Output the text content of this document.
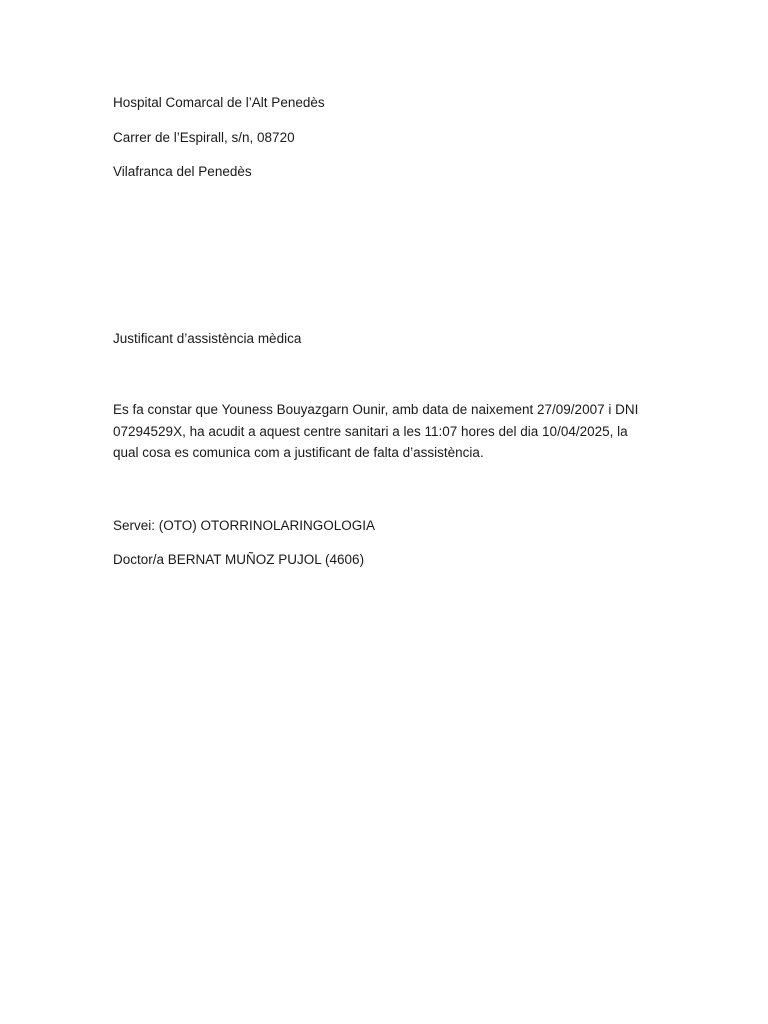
Hospital Comarcal de l’Alt Penedès
Carrer de l’Espirall, s/n, 08720
Vilafranca del Penedès
Justificant d’assistència mèdica
Es fa constar que Youness Bouyazgarn Ounir, amb data de naixement 27/09/2007 i DNI
07294529X, ha acudit a aquest centre sanitari a les 11:07 hores del dia 10/04/2025, la
qual cosa es comunica com a justificant de falta d’assistència.
Servei: (OTO) OTORRINOLARINGOLOGIA
Doctor/a BERNAT MUÑOZ PUJOL (4606)
